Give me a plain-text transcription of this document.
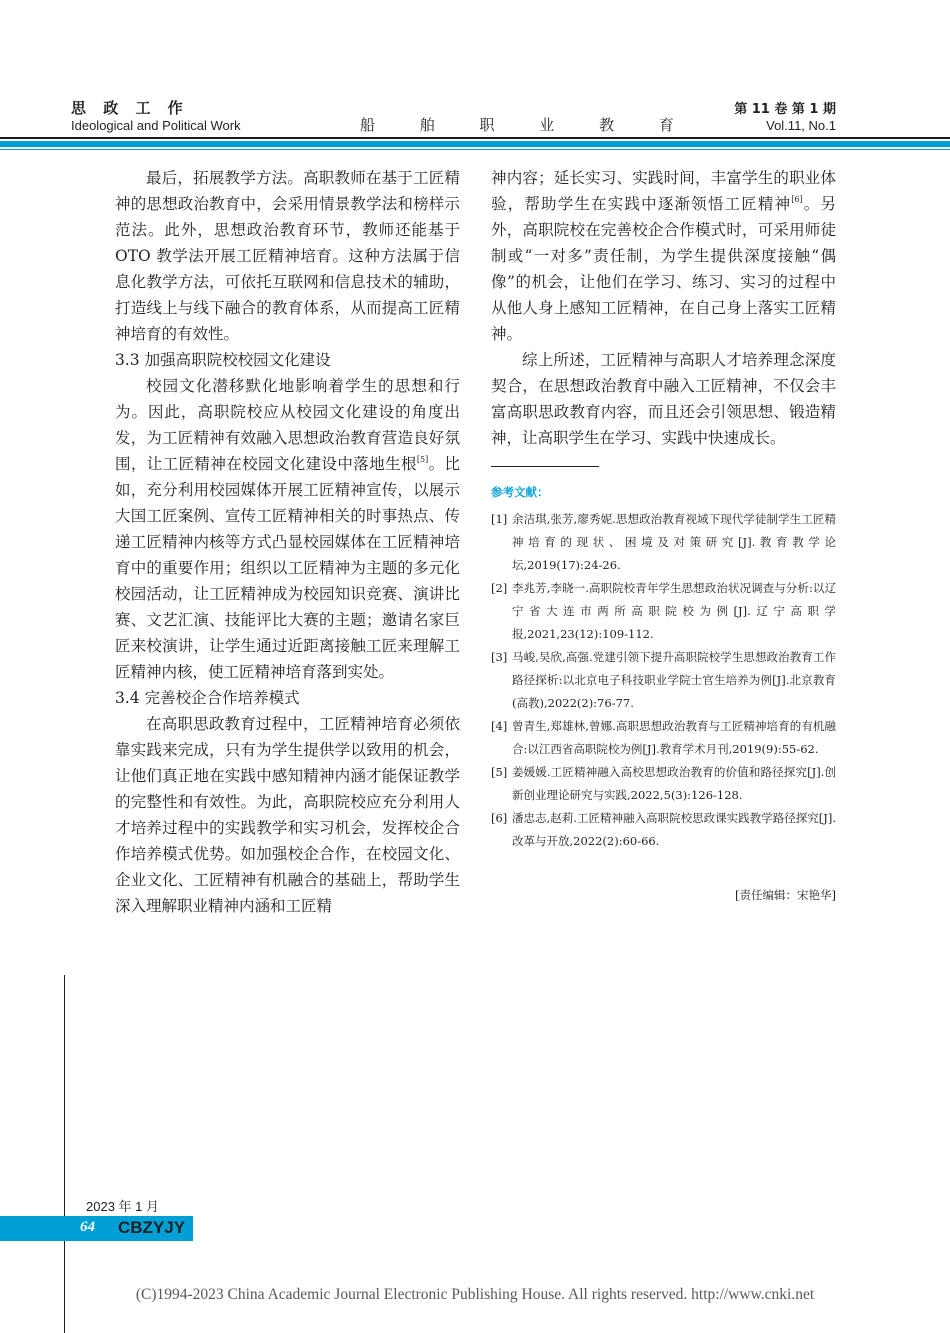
思 政 工 作
Ideological and Political Work	船 舶 职 业 教 育
第 11 卷 第 1 期
Vol.11, No.1

最后，拓展教学方法。高职教师在基于工匠精神的思想政治教育中，会采用情景教学法和榜样示范法。此外，思想政治教育环节，教师还能基于 OTO 教学法开展工匠精神培育。这种方法属于信息化教学方法，可依托互联网和信息技术的辅助，打造线上与线下融合的教育体系，从而提高工匠精神培育的有效性。

3.3 加强高职院校校园文化建设

校园文化潜移默化地影响着学生的思想和行为。因此，高职院校应从校园文化建设的角度出发，为工匠精神有效融入思想政治教育营造良好氛围，让工匠精神在校园文化建设中落地生根[5]。比如，充分利用校园媒体开展工匠精神宣传，以展示大国工匠案例、宣传工匠精神相关的时事热点、传递工匠精神内核等方式凸显校园媒体在工匠精神培育中的重要作用；组织以工匠精神为主题的多元化校园活动，让工匠精神成为校园知识竞赛、演讲比赛、文艺汇演、技能评比大赛的主题；邀请名家巨匠来校演讲，让学生通过近距离接触工匠来理解工匠精神内核，使工匠精神培育落到实处。

3.4 完善校企合作培养模式

在高职思政教育过程中，工匠精神培育必须依靠实践来完成，只有为学生提供学以致用的机会，让他们真正地在实践中感知精神内涵才能保证教学的完整性和有效性。为此，高职院校应充分利用人才培养过程中的实践教学和实习机会，发挥校企合作培养模式优势。如加强校企合作，在校园文化、企业文化、工匠精神有机融合的基础上，帮助学生深入理解职业精神内涵和工匠精

神内容；延长实习、实践时间，丰富学生的职业体验，帮助学生在实践中逐渐领悟工匠精神[6]。另外，高职院校在完善校企合作模式时，可采用师徒制或“一对多”责任制，为学生提供深度接触“偶像”的机会，让他们在学习、练习、实习的过程中从他人身上感知工匠精神，在自己身上落实工匠精神。

综上所述，工匠精神与高职人才培养理念深度契合，在思想政治教育中融入工匠精神，不仅会丰富高职思政教育内容，而且还会引领思想、锻造精神，让高职学生在学习、实践中快速成长。

参考文献：
[1] 余洁琪,张芳,廖秀妮.思想政治教育视域下现代学徒制学生工匠精神培育的现状、困境及对策研究[J].教育教学论坛,2019(17):24-26.
[2] 李兆芳,李晓一.高职院校青年学生思想政治状况调查与分析:以辽宁省大连市两所高职院校为例[J].辽宁高职学报,2021,23(12):109-112.
[3] 马峻,吴欣,高强.党建引领下提升高职院校学生思想政治教育工作路径探析:以北京电子科技职业学院士官生培养为例[J].北京教育(高教),2022(2):76-77.
[4] 曾青生,郑雄林,曾娜.高职思想政治教育与工匠精神培育的有机融合:以江西省高职院校为例[J].教育学术月刊,2019(9):55-62.
[5] 姜媛媛.工匠精神融入高校思想政治教育的价值和路径探究[J].创新创业理论研究与实践,2022,5(3):126-128.
[6] 潘忠志,赵莉.工匠精神融入高职院校思政课实践教学路径探究[J].改革与开放,2022(2):60-66.
[责任编辑：宋艳华]
2023 年 1 月
64 CBZYJY
(C)1994-2023 China Academic Journal Electronic Publishing House. All rights reserved. http://www.cnki.net
